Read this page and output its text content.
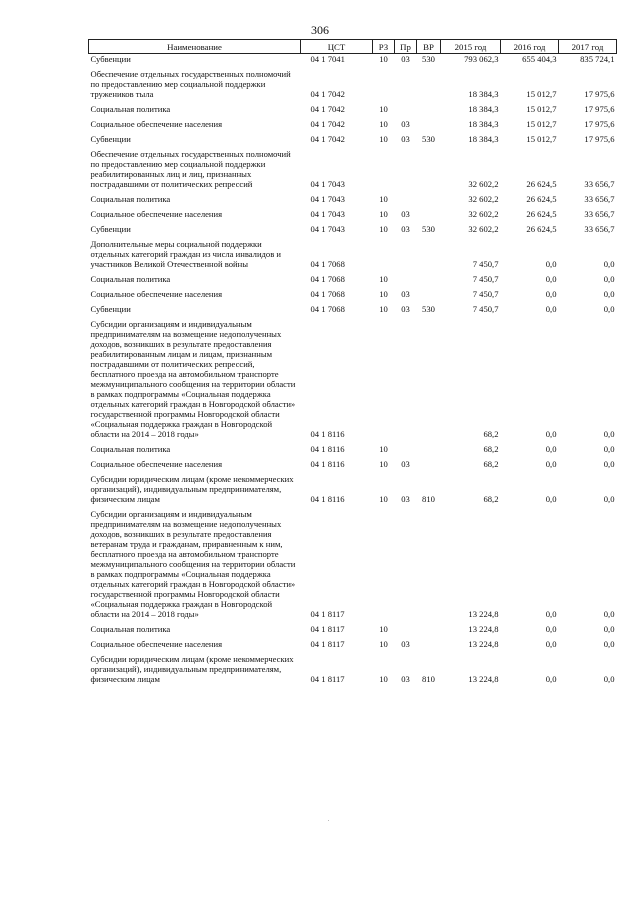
306
Наименование	ЦСТ	РЗ	Пр	ВР	2015 год	2016 год	2017 год
Субвенции	04 1 7041	10	03	530	793 062,3	655 404,3	835 724,1
Обеспечение отдельных государственных полномочий по предоставлению мер социальной поддержки тружеников тыла	04 1 7042				18 384,3	15 012,7	17 975,6
Социальная политика	04 1 7042	10			18 384,3	15 012,7	17 975,6
Социальное обеспечение населения	04 1 7042	10	03		18 384,3	15 012,7	17 975,6
Субвенции	04 1 7042	10	03	530	18 384,3	15 012,7	17 975,6
Обеспечение отдельных государственных полномочий по предоставлению мер социальной поддержки реабилитированных лиц и лиц, признанных пострадавшими от политических репрессий	04 1 7043				32 602,2	26 624,5	33 656,7
Социальная политика	04 1 7043	10			32 602,2	26 624,5	33 656,7
Социальное обеспечение населения	04 1 7043	10	03		32 602,2	26 624,5	33 656,7
Субвенции	04 1 7043	10	03	530	32 602,2	26 624,5	33 656,7
Дополнительные меры социальной поддержки отдельных категорий граждан из числа инвалидов и участников Великой Отечественной войны	04 1 7068				7 450,7	0,0	0,0
Социальная политика	04 1 7068	10			7 450,7	0,0	0,0
Социальное обеспечение населения	04 1 7068	10	03		7 450,7	0,0	0,0
Субвенции	04 1 7068	10	03	530	7 450,7	0,0	0,0
Субсидии организациям и индивидуальным предпринимателям на возмещение недополученных доходов, возникших в результате предоставления реабилитированным лицам и лицам, признанным пострадавшими от политических репрессий, бесплатного проезда на автомобильном транспорте межмуниципального сообщения на территории области в рамках подпрограммы «Социальная поддержка отдельных категорий граждан в Новгородской области» государственной программы Новгородской области «Социальная поддержка граждан в Новгородской области на 2014 – 2018 годы»	04 1 8116				68,2	0,0	0,0
Социальная политика	04 1 8116	10			68,2	0,0	0,0
Социальное обеспечение населения	04 1 8116	10	03		68,2	0,0	0,0
Субсидии юридическим лицам (кроме некоммерческих организаций), индивидуальным предпринимателям, физическим лицам	04 1 8116	10	03	810	68,2	0,0	0,0
Субсидии организациям и индивидуальным предпринимателям на возмещение недополученных доходов, возникших в результате предоставления ветеранам труда и гражданам, приравненным к ним, бесплатного проезда на автомобильном транспорте межмуниципального сообщения на территории области в рамках подпрограммы «Социальная поддержка отдельных категорий граждан в Новгородской области» государственной программы Новгородской области «Социальная поддержка граждан в Новгородской области на 2014 – 2018 годы»	04 1 8117				13 224,8	0,0	0,0
Социальная политика	04 1 8117	10			13 224,8	0,0	0,0
Социальное обеспечение населения	04 1 8117	10	03		13 224,8	0,0	0,0
Субсидии юридическим лицам (кроме некоммерческих организаций), индивидуальным предпринимателям, физическим лицам	04 1 8117	10	03	810	13 224,8	0,0	0,0
